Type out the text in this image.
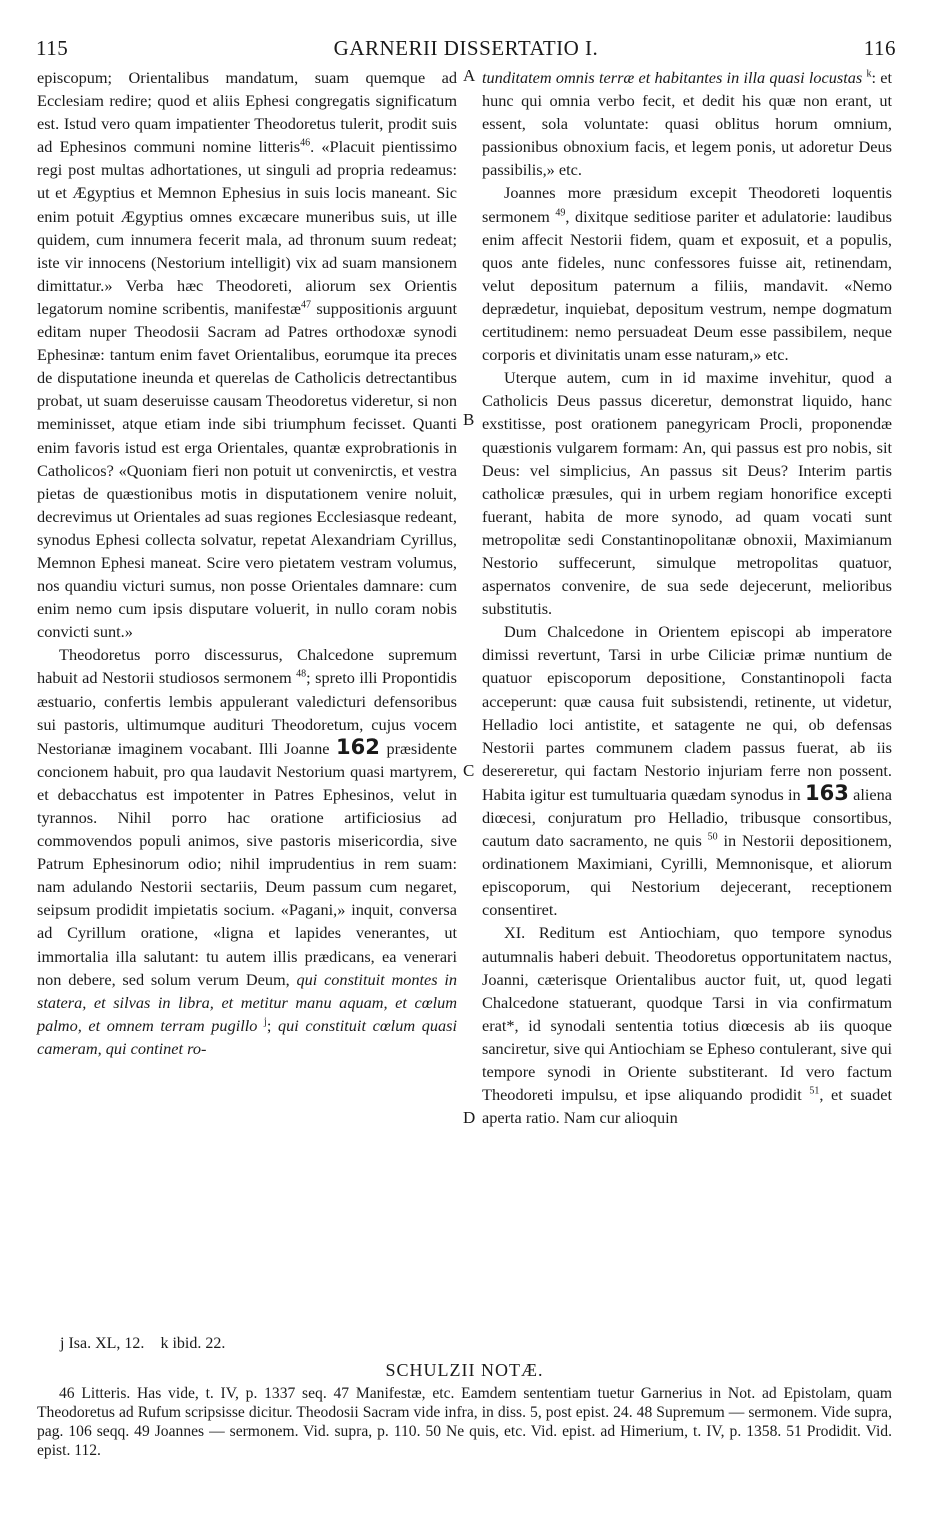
115	GARNERII DISSERTATIO I.	116

episcopum; Orientalibus mandatum, suam quemque ad Ecclesiam redire; quod et aliis Ephesi congregatis significatum est. Istud vero quam impatienter Theodoretus tulerit, prodit suis ad Ephesinos communi nomine litteris$^{46}$. «Placuit pientissimo regi post multas adhortationes, ut singuli ad propria redeamus: ut et Ægyptius et Memnon Ephesius in suis locis maneant. Sic enim potuit Ægyptius omnes excæcare muneribus suis, ut ille quidem, cum innumera fecerit mala, ad thronum suum redeat; iste vir innocens (Nestorium intelligit) vix ad suam mansionem dimittatur.» Verba hæc Theodoreti, aliorum sex Orientis legatorum nomine scribentis, manifestæ$^{47}$ suppositionis arguunt editam nuper Theodosii Sacram ad Patres orthodoxæ synodi Ephesinæ: tantum enim favet Orientalibus, eorumque ita preces de disputatione ineunda et querelas de Catholicis detrectantibus probat, ut suam deseruisse causam Theodoretus videretur, si non meminisset, atque etiam inde sibi triumphum fecisset. Quanti enim favoris istud est erga Orientales, quantæ exprobrationis in Catholicos? «Quoniam fieri non potuit ut convenirctis, et vestra pietas de quæstionibus motis in disputationem venire noluit, decrevimus ut Orientales ad suas regiones Ecclesiasque redeant, synodus Ephesi collecta solvatur, repetat Alexandriam Cyrillus, Memnon Ephesi maneat. Scire vero pietatem vestram volumus, nos quandiu victuri sumus, non posse Orientales damnare: cum enim nemo cum ipsis disputare voluerit, in nullo coram nobis convicti sunt.»

Theodoretus porro discessurus, Chalcedone supremum habuit ad Nestorii studiosos sermonem $^{48}$; spreto illi Propontidis æstuario, confertis lembis appulerant valedicturi defensoribus sui pastoris, ultimumque audituri Theodoretum, cujus vocem Nestorianæ imaginem vocabant. Illi Joanne 162 præsidente concionem habuit, pro qua laudavit Nestorium quasi martyrem, et debacchatus est impotenter in Patres Ephesinos, velut in tyrannos. Nihil porro hac oratione artificiosius ad commovendos populi animos, sive pastoris misericordia, sive Patrum Ephesinorum odio; nihil imprudentius in rem suam: nam adulando Nestorii sectariis, Deum passum cum negaret, seipsum prodidit impietatis socium. «Pagani,» inquit, conversa ad Cyrillum oratione, «ligna et lapides venerantes, ut immortalia illa salutant: tu autem illis prædicans, ea venerari non debere, sed solum verum Deum, qui constituit montes in statera, et silvas in libra, et metitur manu aquam, et cœlum palmo, et omnem terram pugillo $^j$; qui constituit cœlum quasi cameram, qui continet ro-

A
B
C
D

tunditatem omnis terræ et habitantes in illa quasi locustas $^k$: et hunc qui omnia verbo fecit, et dedit his quæ non erant, ut essent, sola voluntate: quasi oblitus horum omnium, passionibus obnoxium facis, et legem ponis, ut adoretur Deus passibilis,» etc.

Joannes more præsidum excepit Theodoreti loquentis sermonem $^{49}$, dixitque seditiose pariter et adulatorie: laudibus enim affecit Nestorii fidem, quam et exposuit, et a populis, quos ante fideles, nunc confessores fuisse ait, retinendam, velut depositum paternum a filiis, mandavit. «Nemo deprædetur, inquiebat, depositum vestrum, nempe dogmatum certitudinem: nemo persuadeat Deum esse passibilem, neque corporis et divinitatis unam esse naturam,» etc.

Uterque autem, cum in id maxime invehitur, quod a Catholicis Deus passus diceretur, demonstrat liquido, hanc exstitisse, post orationem panegyricam Procli, proponendæ quæstionis vulgarem formam: An, qui passus est pro nobis, sit Deus: vel simplicius, An passus sit Deus? Interim partis catholicæ præsules, qui in urbem regiam honorifice excepti fuerant, habita de more synodo, ad quam vocati sunt metropolitæ sedi Constantinopolitanæ obnoxii, Maximianum Nestorio suffecerunt, simulque metropolitas quatuor, aspernatos convenire, de sua sede dejecerunt, melioribus substitutis.

Dum Chalcedone in Orientem episcopi ab imperatore dimissi revertunt, Tarsi in urbe Ciliciæ primæ nuntium de quatuor episcoporum depositione, Constantinopoli facta acceperunt: quæ causa fuit subsistendi, retinente, ut videtur, Helladio loci antistite, et satagente ne qui, ob defensas Nestorii partes communem cladem passus fuerat, ab iis desereretur, qui factam Nestorio injuriam ferre non possent. Habita igitur est tumultuaria quædam synodus in 163 aliena diœcesi, conjuratum pro Helladio, tribusque consortibus, cautum dato sacramento, ne quis $^{50}$ in Nestorii depositionem, ordinationem Maximiani, Cyrilli, Memnonisque, et aliorum episcoporum, qui Nestorium dejecerant, receptionem consentiret.

XI. Reditum est Antiochiam, quo tempore synodus autumnalis haberi debuit. Theodoretus opportunitatem nactus, Joanni, cæterisque Orientalibus auctor fuit, ut, quod legati Chalcedone statuerant, quodque Tarsi in via confirmatum erat*, id synodali sententia totius diœcesis ab iis quoque sanciretur, sive qui Antiochiam se Epheso contulerant, sive qui tempore synodi in Oriente substiterant. Id vero factum Theodoreti impulsu, et ipse aliquando prodidit $^{51}$, et suadet aperta ratio. Nam cur alioquin

j Isa. XL, 12. k ibid. 22.
SCHULZII NOTÆ.
46 Litteris. Has vide, t. IV, p. 1337 seq. 47 Manifestæ, etc. Eamdem sententiam tuetur Garnerius in Not. ad Epistolam, quam Theodoretus ad Rufum scripsisse dicitur. Theodosii Sacram vide infra, in diss. 5, post epist. 24. 48 Supremum — sermonem. Vide supra, pag. 106 seqq. 49 Joannes — sermonem. Vid. supra, p. 110. 50 Ne quis, etc. Vid. epist. ad Himerium, t. IV, p. 1358. 51 Prodidit. Vid. epist. 112.
